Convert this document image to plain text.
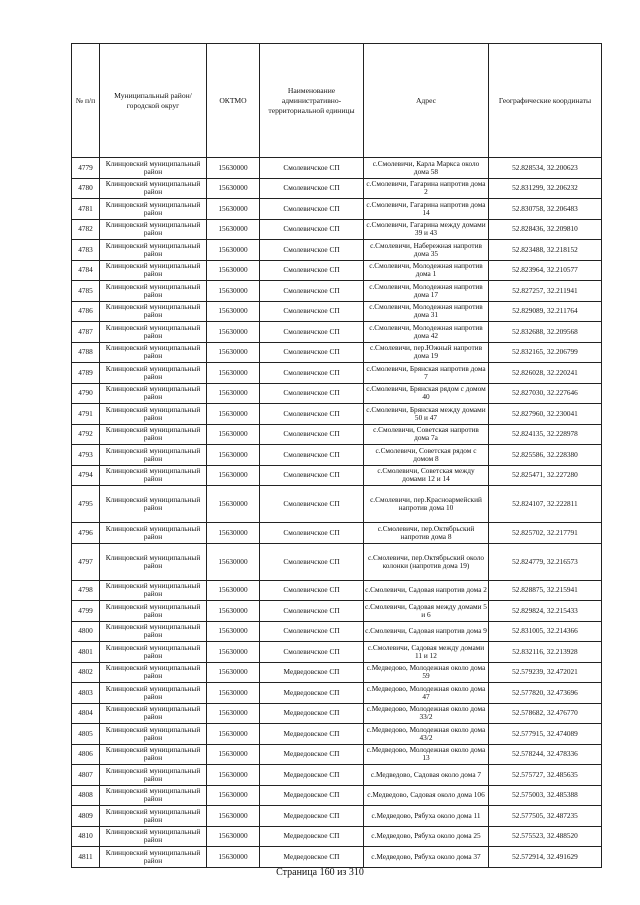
№ п/п	Муниципальный район/городской округ	ОКТМО	Наименование административно-территориальной единицы	Адрес	Географические координаты
4779	Клинцовский муниципальный район	15630000	Смолевичское СП	с.Смолевичи, Карла Маркса около дома 58	52.828534, 32.200623
4780	Клинцовский муниципальный район	15630000	Смолевичское СП	с.Смолевичи, Гагарина напротив дома 2	52.831299, 32.206232
4781	Клинцовский муниципальный район	15630000	Смолевичское СП	с.Смолевичи, Гагарина напротив дома 14	52.830758, 32.206483
4782	Клинцовский муниципальный район	15630000	Смолевичское СП	с.Смолевичи, Гагарина между домами 39 и 43	52.828436, 32.209810
4783	Клинцовский муниципальный район	15630000	Смолевичское СП	с.Смолевичи, Набережная напротив дома 35	52.823488, 32.218152
4784	Клинцовский муниципальный район	15630000	Смолевичское СП	с.Смолевичи, Молодежная напротив дома 1	52.823964, 32.210577
4785	Клинцовский муниципальный район	15630000	Смолевичское СП	с.Смолевичи, Молодежная напротив дома 17	52.827257, 32.211941
4786	Клинцовский муниципальный район	15630000	Смолевичское СП	с.Смолевичи, Молодежная напротив дома 31	52.829089, 32.211764
4787	Клинцовский муниципальный район	15630000	Смолевичское СП	с.Смолевичи, Молодежная напротив дома 42	52.832688, 32.209568
4788	Клинцовский муниципальный район	15630000	Смолевичское СП	с.Смолевичи, пер.Южный напротив дома 19	52.832165, 32.206799
4789	Клинцовский муниципальный район	15630000	Смолевичское СП	с.Смолевичи, Брянская напротив дома 7	52.826028, 32.220241
4790	Клинцовский муниципальный район	15630000	Смолевичское СП	с.Смолевичи, Брянская рядом с домом 40	52.827030, 32.227646
4791	Клинцовский муниципальный район	15630000	Смолевичское СП	с.Смолевичи, Брянская между домами 50 и 47	52.827960, 32.230041
4792	Клинцовский муниципальный район	15630000	Смолевичское СП	с.Смолевичи, Советская напротив дома 7а	52.824135, 32.228978
4793	Клинцовский муниципальный район	15630000	Смолевичское СП	с.Смолевичи, Советская рядом с домом 8	52.825586, 32.228380
4794	Клинцовский муниципальный район	15630000	Смолевичское СП	с.Смолевичи, Советская между домами 12 и 14	52.825471, 32.227280
4795	Клинцовский муниципальный район	15630000	Смолевичское СП	с.Смолевичи, пер.Красноармейский напротив дома 10	52.824107, 32.222811
4796	Клинцовский муниципальный район	15630000	Смолевичское СП	с.Смолевичи, пер.Октябрьский напротив дома 8	52.825702, 32.217791
4797	Клинцовский муниципальный район	15630000	Смолевичское СП	с.Смолевичи, пер.Октябрьский около колонки (напротив дома 19)	52.824779, 32.216573
4798	Клинцовский муниципальный район	15630000	Смолевичское СП	с.Смолевичи, Садовая напротив дома 2	52.828875, 32.215941
4799	Клинцовский муниципальный район	15630000	Смолевичское СП	с.Смолевичи, Садовая между домами 5 и 6	52.829824, 32.215433
4800	Клинцовский муниципальный район	15630000	Смолевичское СП	с.Смолевичи, Садовая напротив дома 9	52.831005, 32.214366
4801	Клинцовский муниципальный район	15630000	Смолевичское СП	с.Смолевичи, Садовая между домами 11 и 12	52.832116, 32.213928
4802	Клинцовский муниципальный район	15630000	Медведовское СП	с.Медведово, Молодежная около дома 59	52.579239, 32.472021
4803	Клинцовский муниципальный район	15630000	Медведовское СП	с.Медведово, Молодежная около дома 47	52.577820, 32.473696
4804	Клинцовский муниципальный район	15630000	Медведовское СП	с.Медведово, Молодежная около дома 33/2	52.578682, 32.476770
4805	Клинцовский муниципальный район	15630000	Медведовское СП	с.Медведово, Молодежная около дома 43/2	52.577915, 32.474089
4806	Клинцовский муниципальный район	15630000	Медведовское СП	с.Медведово, Молодежная около дома 13	52.578244, 32.478336
4807	Клинцовский муниципальный район	15630000	Медведовское СП	с.Медведово, Садовая около дома 7	52.575727, 32.485635
4808	Клинцовский муниципальный район	15630000	Медведовское СП	с.Медведово, Садовая около дома 106	52.575003, 32.485388
4809	Клинцовский муниципальный район	15630000	Медведовское СП	с.Медведово, Рябуха около дома 11	52.577505, 32.487235
4810	Клинцовский муниципальный район	15630000	Медведовское СП	с.Медведово, Рябуха около дома 25	52.575523, 32.488520
4811	Клинцовский муниципальный район	15630000	Медведовское СП	с.Медведово, Рябуха около дома 37	52.572914, 32.491629
Страница 160 из 310
